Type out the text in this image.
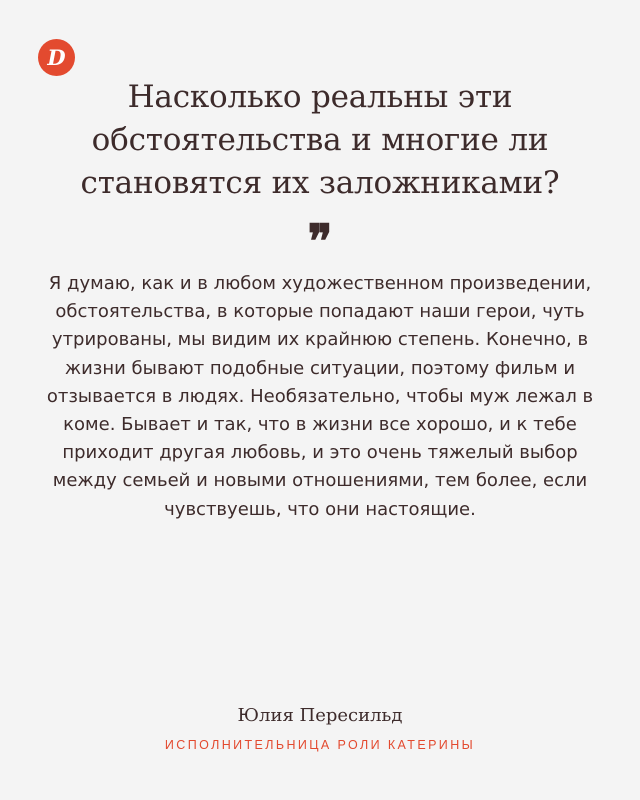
D
Насколько реальны эти обстоятельства и многие ли становятся их заложниками?
❞

Я думаю, как и в любом художественном произведении, обстоятельства, в которые попадают наши герои, чуть утрированы, мы видим их крайнюю степень. Конечно, в жизни бывают подобные ситуации, поэтому фильм и отзывается в людях. Необязательно, чтобы муж лежал в коме. Бывает и так, что в жизни все хорошо, и к тебе приходит другая любовь, и это очень тяжелый выбор между семьей и новыми отношениями, тем более, если чувствуешь, что они настоящие.

Юлия Пересильд
ИСПОЛНИТЕЛЬНИЦА РОЛИ КАТЕРИНЫ
